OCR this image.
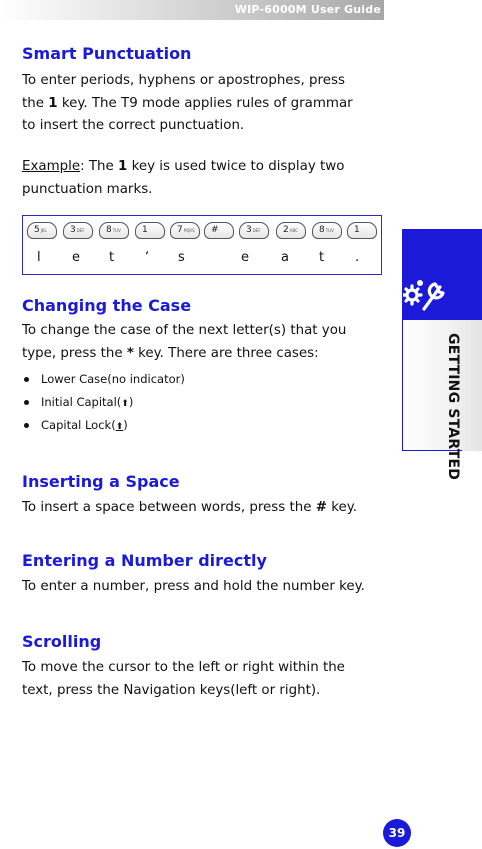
WIP-6000M User Guide
Smart Punctuation
To enter periods, hyphens or apostrophes, press
the 1 key. The T9 mode applies rules of grammar
to insert the correct punctuation.
Example: The 1 key is used twice to display two
punctuation marks.
Changing the Case
To change the case of the next letter(s) that you
type, press the * key. There are three cases:
Lower Case(no indicator)
Initial Capital(⬆)
Capital Lock(⬆)
Inserting a Space
To insert a space between words, press the # key.
Entering a Number directly
To enter a number, press and hold the number key.
Scrolling
To move the cursor to the left or right within the
text, press the Navigation keys(left or right).
$5^{JKL}$	$3^{DEF}$	$8^{TUV}$	1	$7^{PQRS}$	#	$3^{DEF}$	$2^{ABC}$	$8^{TUV}$	1
l e t ‘ s	e a t .
GETTING STARTED
39
